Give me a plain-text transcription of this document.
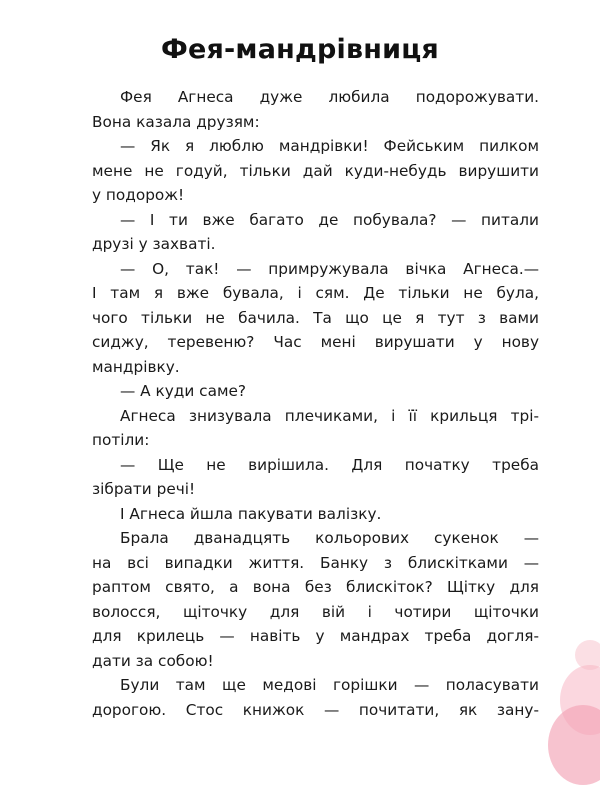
Фея-мандрівниця
Фея Агнеса дуже любила подорожувати.
Вона казала друзям:
— Як я люблю мандрівки! Фейським пилком
мене не годуй, тільки дай куди-небудь вирушити
у подорож!
— І ти вже багато де побувала? — питали
друзі у захваті.
— О, так! — примружувала вічка Агнеса.—
І там я вже бувала, і сям. Де тільки не була,
чого тільки не бачила. Та що це я тут з вами
сиджу, теревеню? Час мені вирушати у нову
мандрівку.
— А куди саме?
Агнеса знизувала плечиками, і її крильця трі-
потіли:
— Ще не вирішила. Для початку треба
зібрати речі!
І Агнеса йшла пакувати валізку.
Брала дванадцять кольорових сукенок —
на всі випадки життя. Банку з блискітками —
раптом свято, а вона без блискіток? Щітку для
волосся, щіточку для вій і чотири щіточки
для крилець — навіть у мандрах треба догля-
дати за собою!
Були там ще медові горішки — поласувати
дорогою. Стос книжок — почитати, як зану-
